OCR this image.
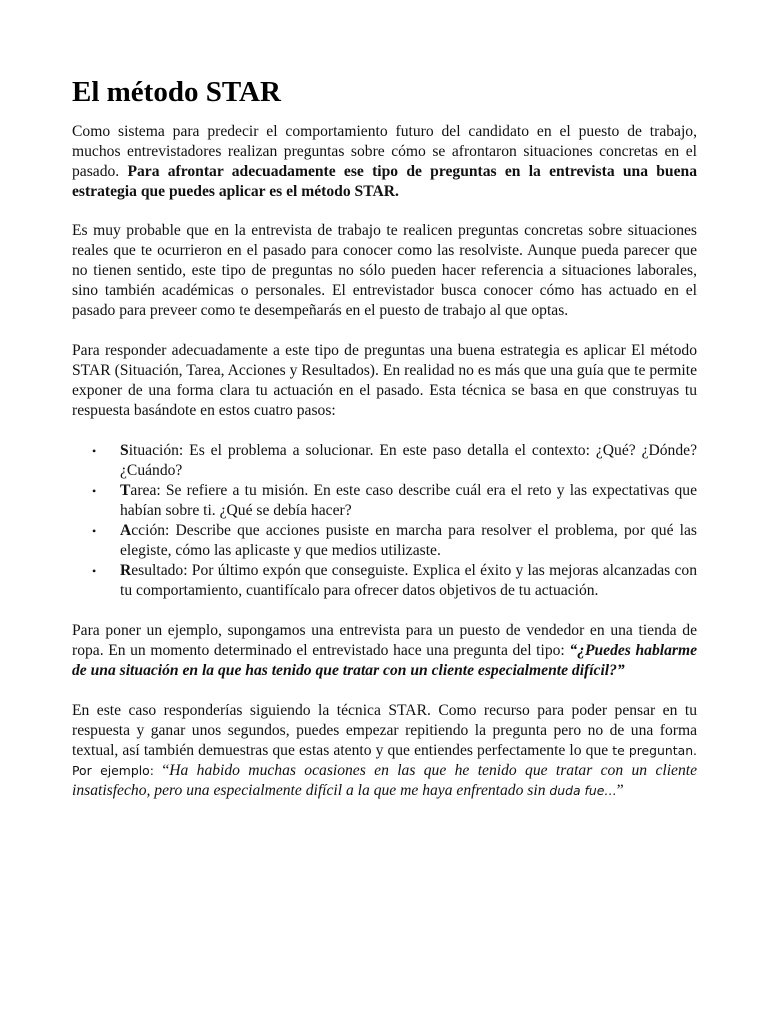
El método STAR

Como sistema para predecir el comportamiento futuro del candidato en el puesto de trabajo, muchos entrevistadores realizan preguntas sobre cómo se afrontaron situaciones concretas en el pasado. Para afrontar adecuadamente ese tipo de preguntas en la entrevista una buena estrategia que puedes aplicar es el método STAR.

Es muy probable que en la entrevista de trabajo te realicen preguntas concretas sobre situaciones reales que te ocurrieron en el pasado para conocer como las resolviste. Aunque pueda parecer que no tienen sentido, este tipo de preguntas no sólo pueden hacer referencia a situaciones laborales, sino también académicas o personales. El entrevistador busca conocer cómo has actuado en el pasado para preveer como te desempeñarás en el puesto de trabajo al que optas.

Para responder adecuadamente a este tipo de preguntas una buena estrategia es aplicar El método STAR (Situación, Tarea, Acciones y Resultados). En realidad no es más que una guía que te permite exponer de una forma clara tu actuación en el pasado. Esta técnica se basa en que construyas tu respuesta basándote en estos cuatro pasos:

• Situación: Es el problema a solucionar. En este paso detalla el contexto: ¿Qué? ¿Dónde? ¿Cuándo?
• Tarea: Se refiere a tu misión. En este caso describe cuál era el reto y las expectativas que habían sobre ti. ¿Qué se debía hacer?
• Acción: Describe que acciones pusiste en marcha para resolver el problema, por qué las elegiste, cómo las aplicaste y que medios utilizaste.
• Resultado: Por último expón que conseguiste. Explica el éxito y las mejoras alcanzadas con tu comportamiento, cuantifícalo para ofrecer datos objetivos de tu actuación.

Para poner un ejemplo, supongamos una entrevista para un puesto de vendedor en una tienda de ropa. En un momento determinado el entrevistado hace una pregunta del tipo: “¿Puedes hablarme de una situación en la que has tenido que tratar con un cliente especialmente difícil?”

En este caso responderías siguiendo la técnica STAR. Como recurso para poder pensar en tu respuesta y ganar unos segundos, puedes empezar repitiendo la pregunta pero no de una forma textual, así también demuestras que estas atento y que entiendes perfectamente lo que te preguntan. Por ejemplo: “Ha habido muchas ocasiones en las que he tenido que tratar con un cliente insatisfecho, pero una especialmente difícil a la que me haya enfrentado sin duda fue…”
